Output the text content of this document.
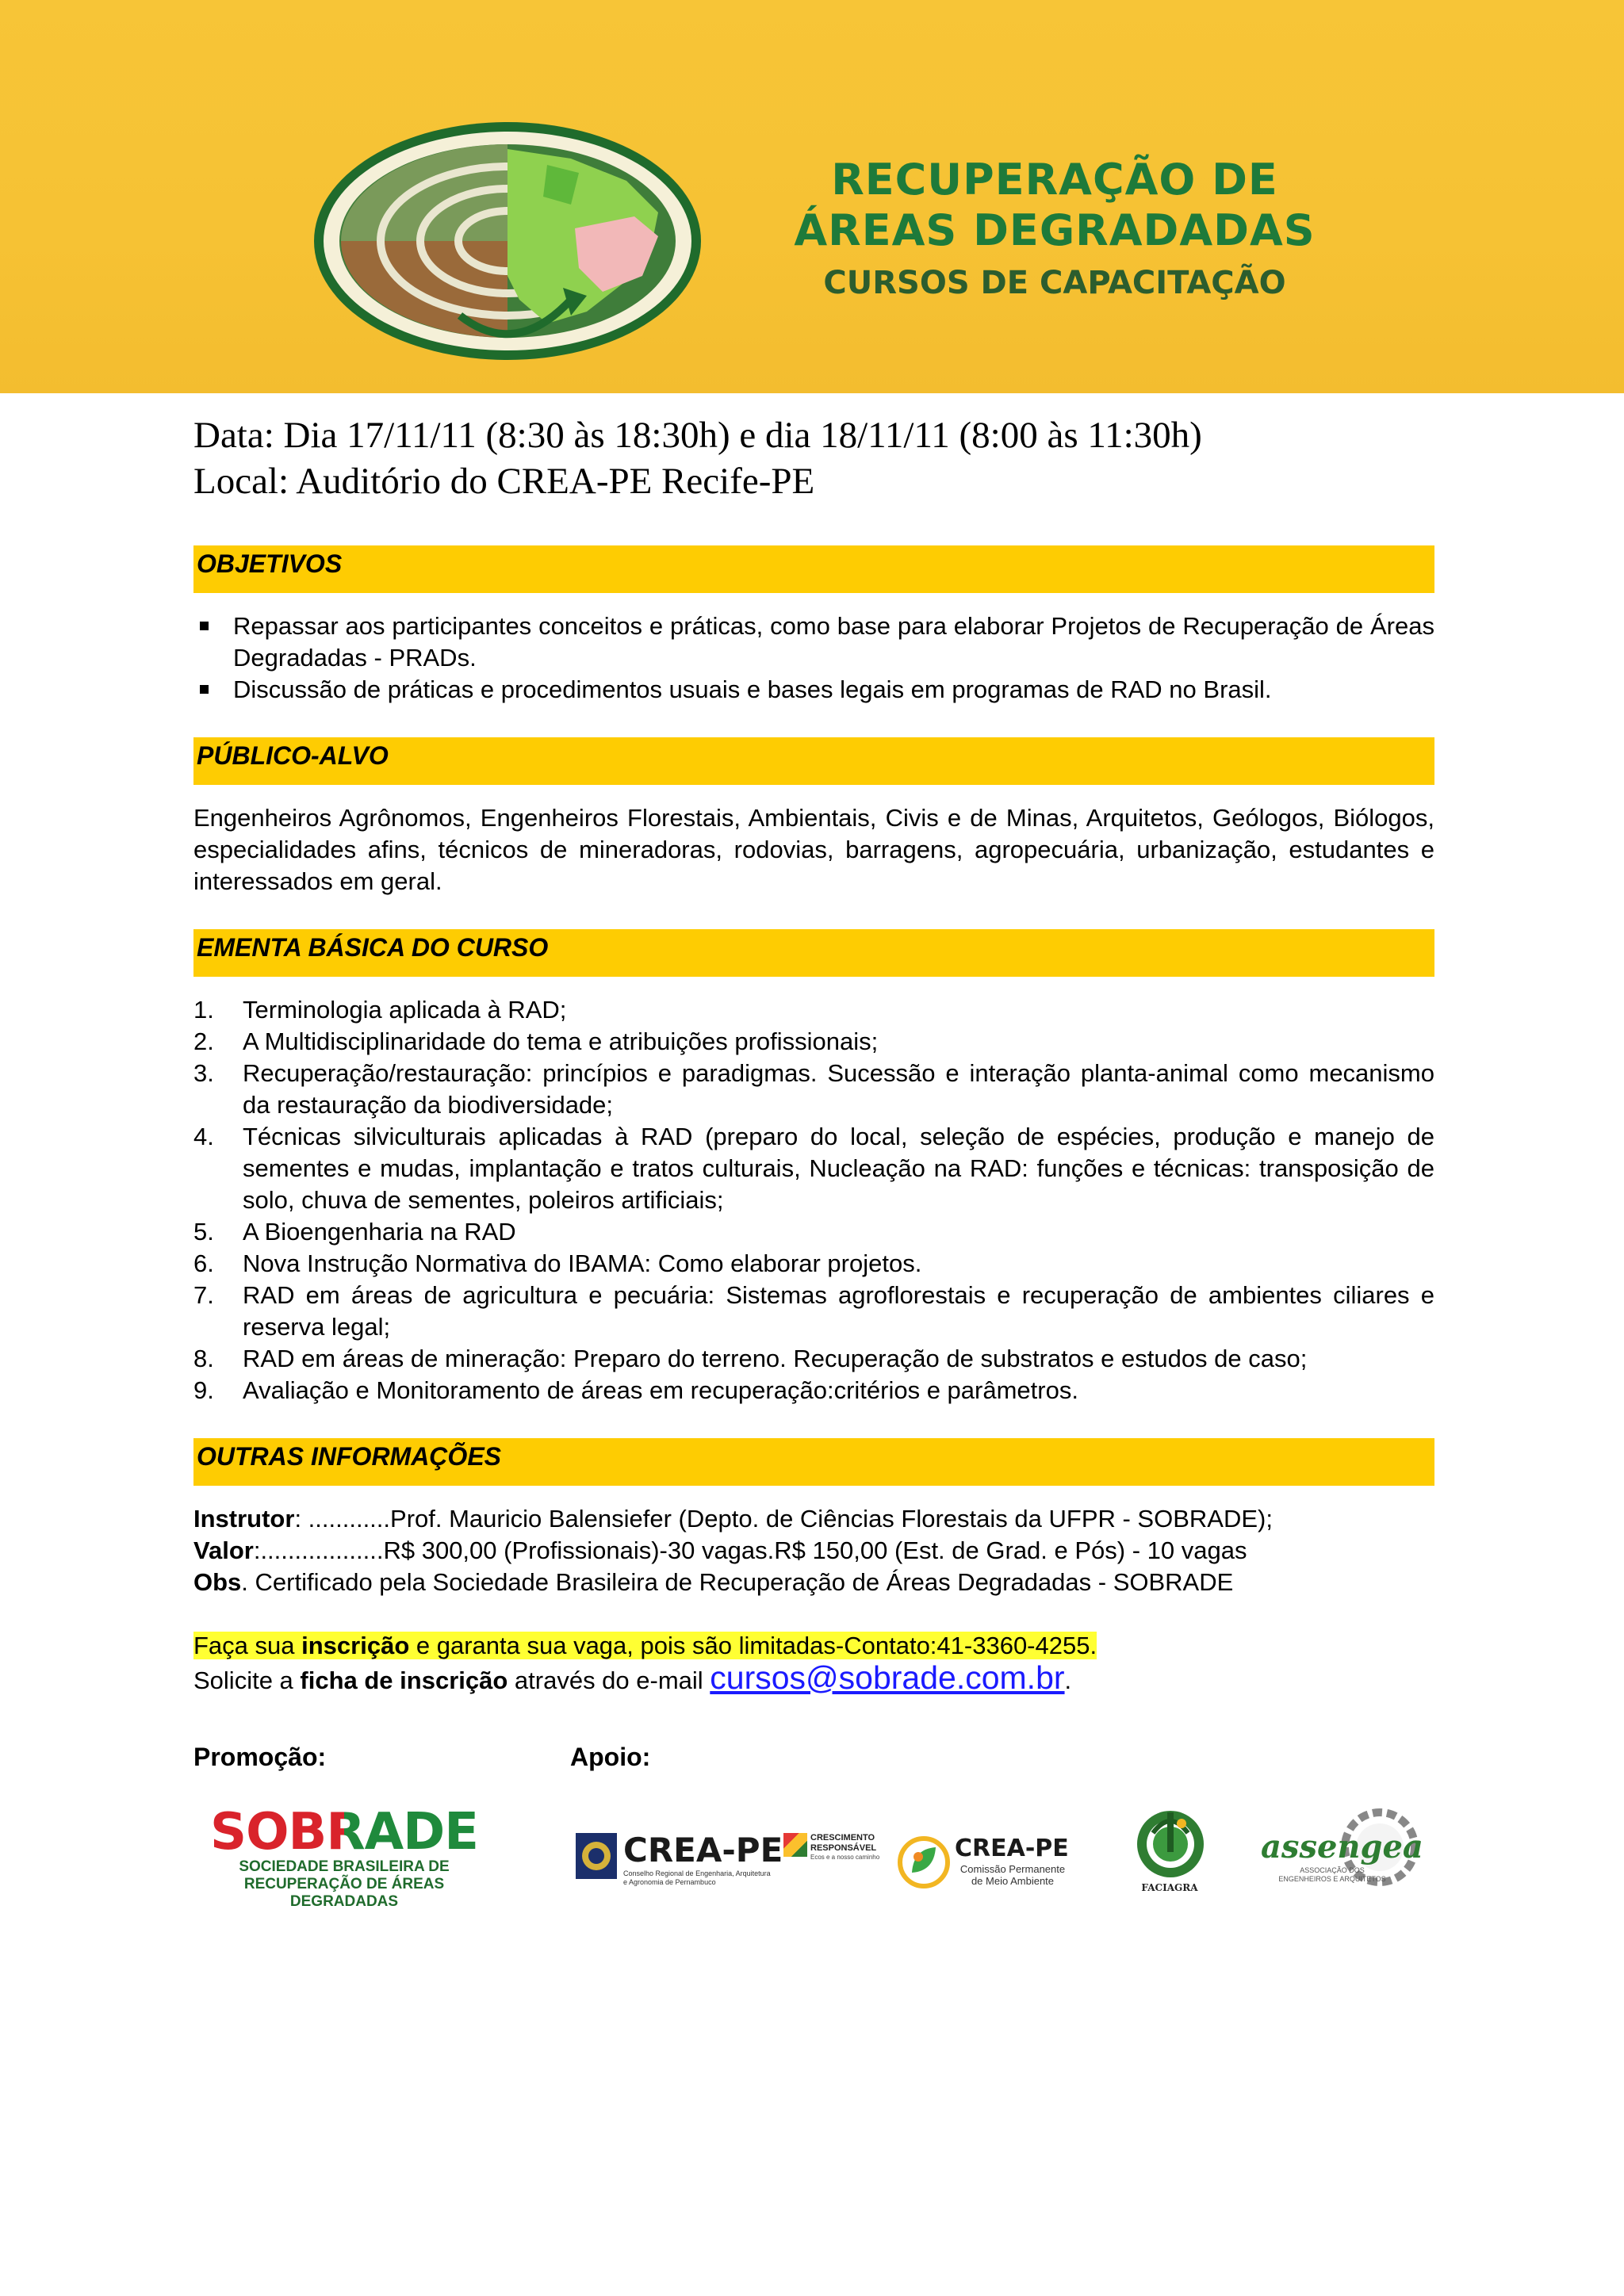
RECUPERAÇÃO DE
ÁREAS DEGRADADAS
CURSOS DE CAPACITAÇÃO
Data: Dia 17/11/11 (8:30 às 18:30h) e dia 18/11/11 (8:00 às 11:30h)
Local: Auditório do CREA-PE Recife-PE
OBJETIVOS
Repassar aos participantes conceitos e práticas, como base para elaborar Projetos de Recuperação de Áreas Degradadas - PRADs.
Discussão de práticas e procedimentos usuais e bases legais em programas de RAD no Brasil.
PÚBLICO-ALVO
Engenheiros Agrônomos, Engenheiros Florestais, Ambientais, Civis e de Minas, Arquitetos, Geólogos, Biólogos, especialidades afins, técnicos de mineradoras, rodovias, barragens, agropecuária, urbanização, estudantes e interessados em geral.
EMENTA BÁSICA DO CURSO
1. Terminologia aplicada à RAD;
2. A Multidisciplinaridade do tema e atribuições profissionais;
3. Recuperação/restauração: princípios e paradigmas. Sucessão e interação planta-animal como mecanismo da restauração da biodiversidade;
4. Técnicas silviculturais aplicadas à RAD (preparo do local, seleção de espécies, produção e manejo de sementes e mudas, implantação e tratos culturais, Nucleação na RAD: funções e técnicas: transposição de solo, chuva de sementes, poleiros artificiais;
5. A Bioengenharia na RAD
6. Nova Instrução Normativa do IBAMA: Como elaborar projetos.
7. RAD em áreas de agricultura e pecuária: Sistemas agroflorestais e recuperação de ambientes ciliares e reserva legal;
8. RAD em áreas de mineração: Preparo do terreno. Recuperação de substratos e estudos de caso;
9. Avaliação e Monitoramento de áreas em recuperação:critérios e parâmetros.
OUTRAS INFORMAÇÕES
Instrutor: ............Prof. Mauricio Balensiefer (Depto. de Ciências Florestais da UFPR - SOBRADE);
Valor:..................R$ 300,00 (Profissionais)-30 vagas.R$ 150,00 (Est. de Grad. e Pós) - 10 vagas
Obs. Certificado pela Sociedade Brasileira de Recuperação de Áreas Degradadas - SOBRADE
Faça sua inscrição e garanta sua vaga, pois são limitadas-Contato:41-3360-4255.
Solicite a ficha de inscrição através do e-mail cursos@sobrade.com.br.
Promoção:	Apoio:
SOBRADE
SOCIEDADE BRASILEIRA DE
RECUPERAÇÃO DE ÁREAS DEGRADADAS
CREA-PE
Conselho Regional de Engenharia, Arquitetura
e Agronomia de Pernambuco
CRESCIMENTO
RESPONSÁVEL
Ecos e a nosso caminho	CREA-PE
Comissão Permanente
de Meio Ambiente
FACIAGRA
assengea
ASSOCIAÇÃO DOS
ENGENHEIROS E ARQUITETOS
